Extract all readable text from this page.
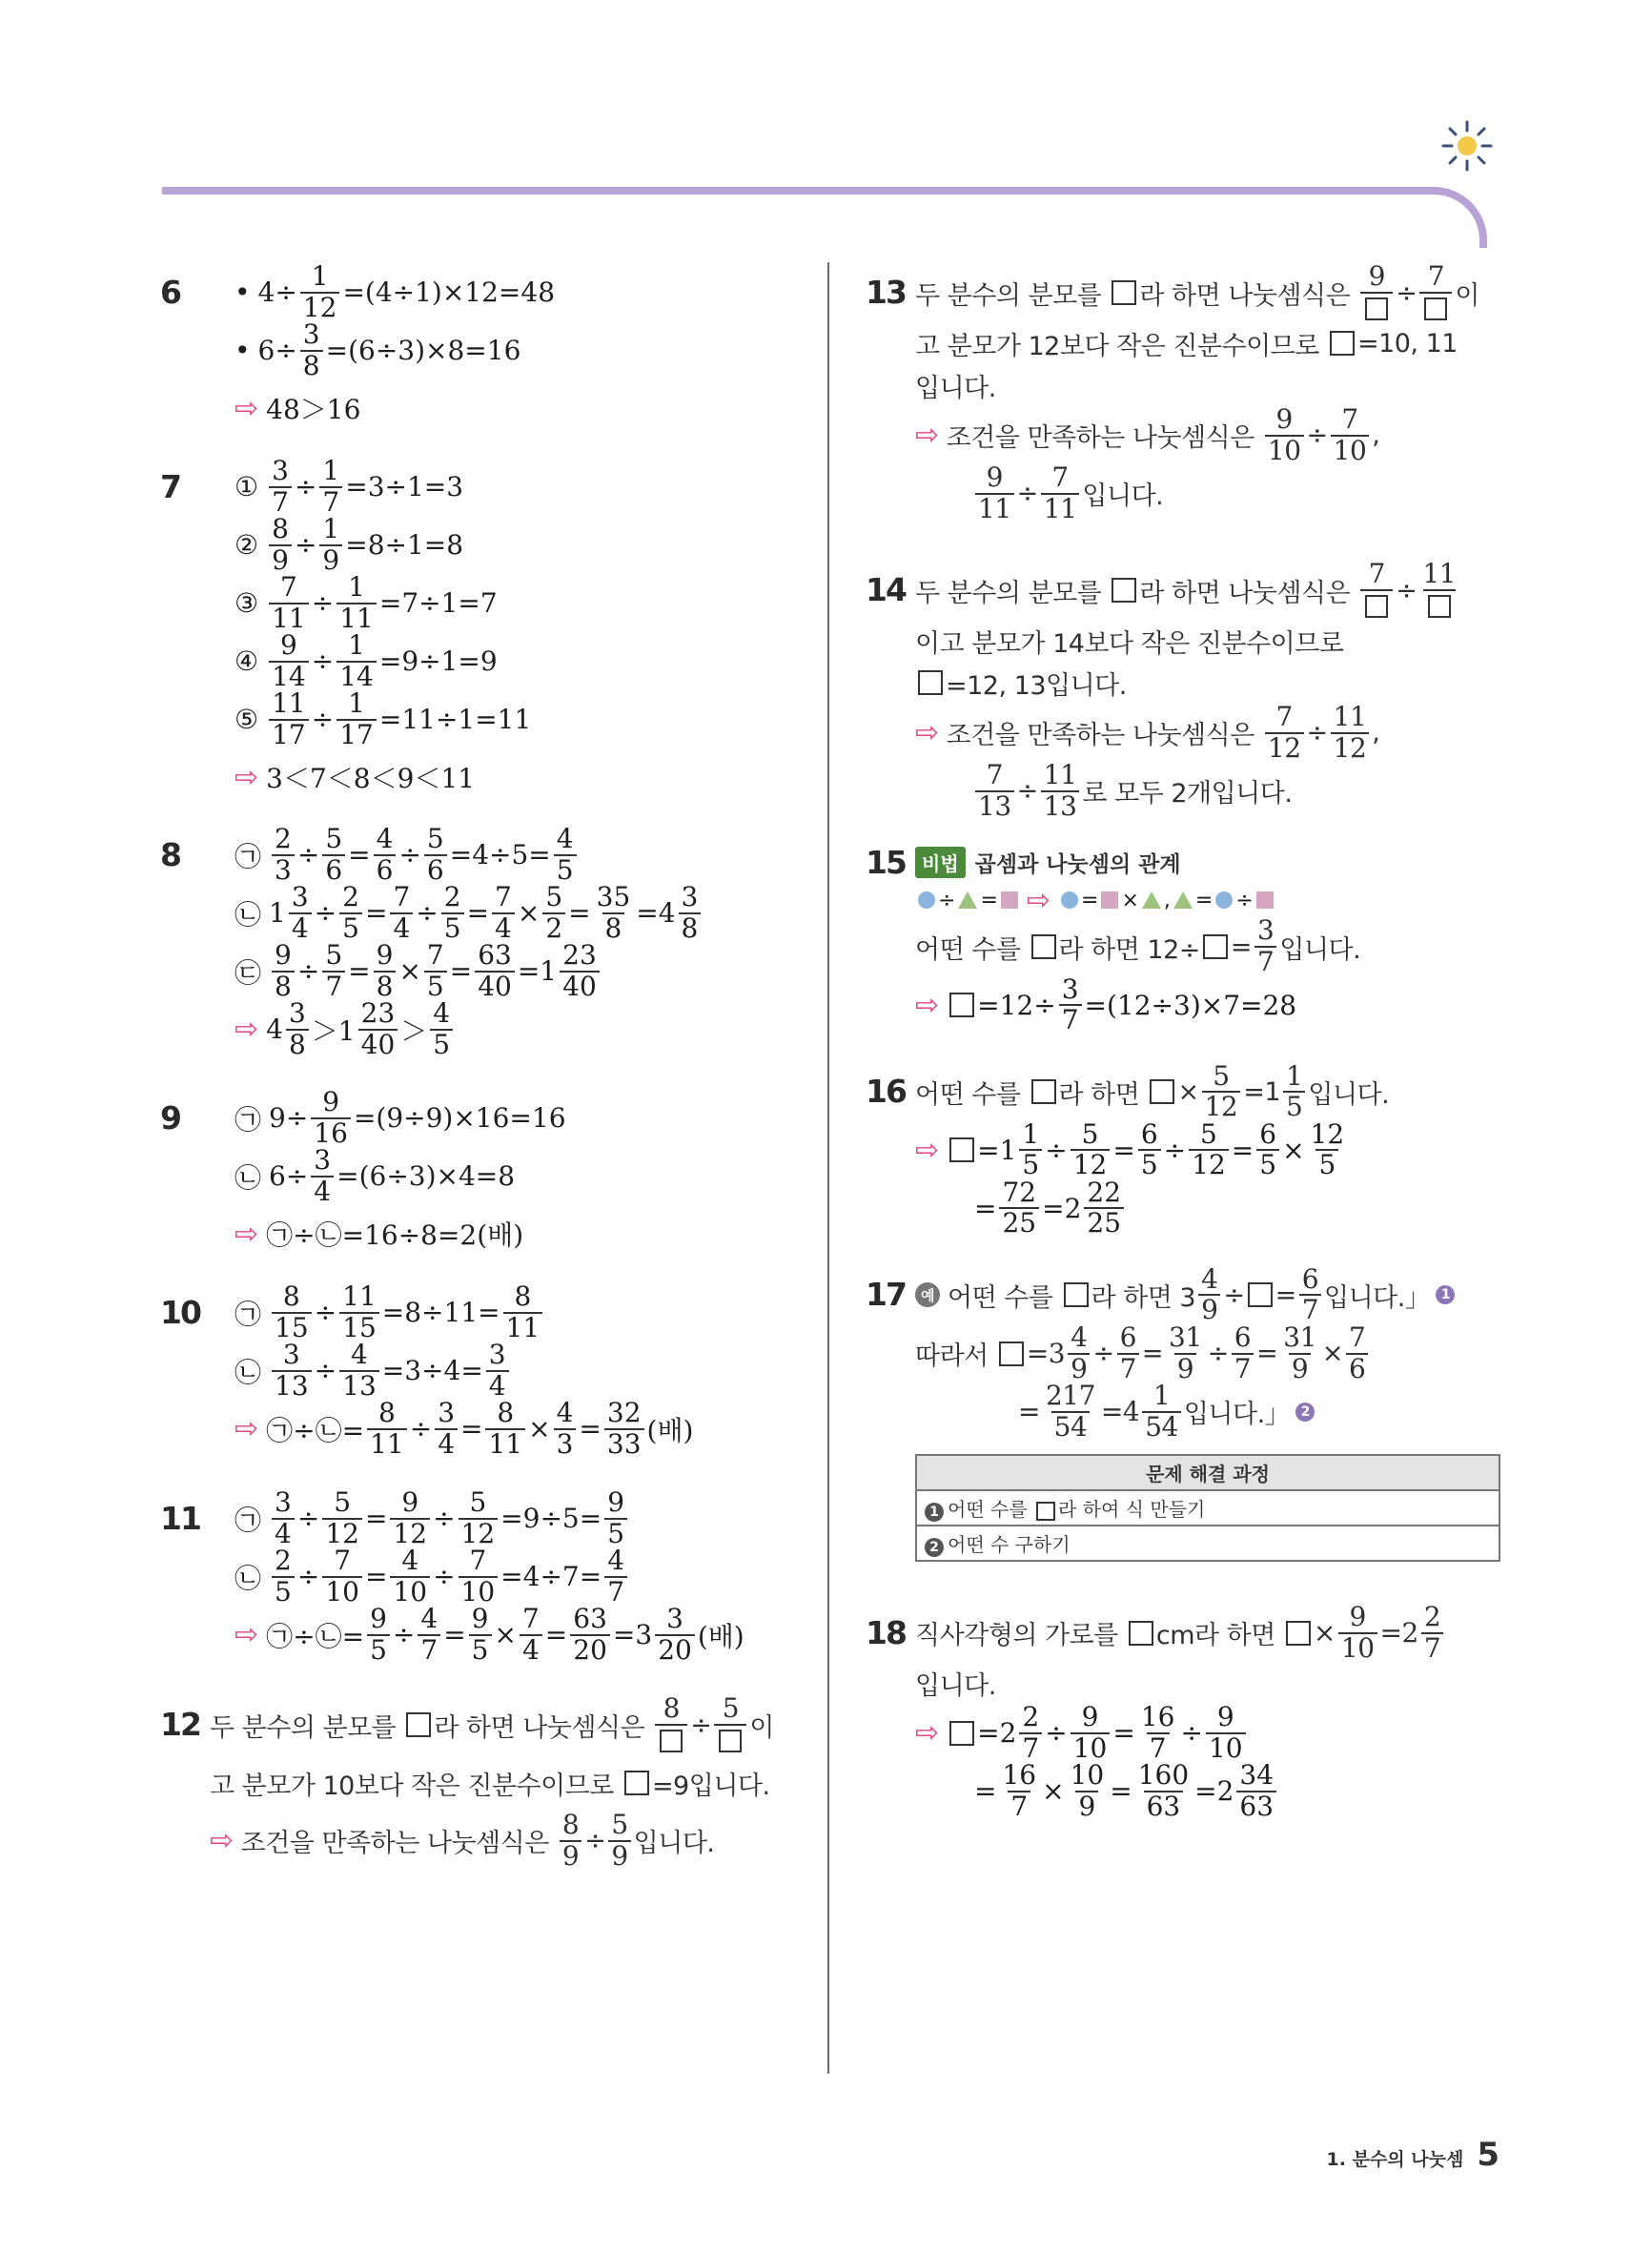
6	• $4\div \frac{1}{12} =(4\div 1)\times 12=48$
• $6\div \frac{3}{8} =(6\div 3)\times 8=16$
⇨ 48＞16
7	① $\frac{3}{7} \div \frac{1}{7} =3\div 1=3$
② $\frac{8}{9} \div \frac{1}{9} =8\div 1=8$
③ $\frac{7}{11} \div \frac{1}{11} =7\div 1=7$
④ $\frac{9}{14} \div \frac{1}{14} =9\div 1=9$
⑤ $\frac{11}{17} \div \frac{1}{17} =11\div 1=11$
⇨ 3＜7＜8＜9＜11
8	㉠ $\frac{2}{3} \div \frac{5}{6} = \frac{4}{6} \div \frac{5}{6} =4\div 5= \frac{4}{5}$
㉡ $1 \frac{3}{4} \div \frac{2}{5} = \frac{7}{4} \div \frac{2}{5} = \frac{7}{4} \times \frac{5}{2} = \frac{35}{8} =4 \frac{3}{8}$
㉢ $\frac{9}{8} \div \frac{5}{7} = \frac{9}{8} \times \frac{7}{5} = \frac{63}{40} =1 \frac{23}{40}$
⇨ $4 \frac{3}{8} >1 \frac{23}{40} > \frac{4}{5}$
9	㉠ $9\div \frac{9}{16} =(9\div 9)\times 16=16$
㉡ $6\div \frac{3}{4} =(6\div 3)\times 4=8$
⇨ ㉠÷㉡=16÷8=2(배)
10	㉠ $\frac{8}{15} \div \frac{11}{15} =8\div 11= \frac{8}{11}$
㉡ $\frac{3}{13} \div \frac{4}{13} =3\div 4= \frac{3}{4}$
⇨ ㉠÷㉡= $\frac{8}{11} \div \frac{3}{4} = \frac{8}{11} \times \frac{4}{3} = \frac{32}{33}$ (배)
11	㉠ $\frac{3}{4} \div \frac{5}{12} = \frac{9}{12} \div \frac{5}{12} =9\div 5= \frac{9}{5}$
㉡ $\frac{2}{5} \div \frac{7}{10} = \frac{4}{10} \div \frac{7}{10} =4\div 7= \frac{4}{7}$
⇨ ㉠÷㉡= $\frac{9}{5} \div \frac{4}{7} = \frac{9}{5} \times \frac{7}{4} = \frac{63}{20} =3 \frac{3}{20}$ (배)
12 두 분수의 분모를
라 하면 나눗셈식은

8
÷
5
이
고 분모가 10보다 작은 진분수이므로
=9입니다.
⇨ 조건을 만족하는 나눗셈식은
$\frac{8}{9} \div \frac{5}{9}$ 입니다.
13 두 분수의 분모를
라 하면 나눗셈식은

9
÷
7
이
고 분모가 12보다 작은 진분수이므로
=10, 11
입니다.
⇨ 조건을 만족하는 나눗셈식은
$\frac{9}{10} \div \frac{7}{10}$ ,
$\frac{9}{11} \div \frac{7}{11}$ 입니다.
14 두 분수의 분모를
라 하면 나눗셈식은

7
÷
11
이고 분모가 14보다 작은 진분수이므로
=12, 13입니다.
⇨ 조건을 만족하는 나눗셈식은
$\frac{7}{12} \div \frac{11}{12}$ ,
$\frac{7}{13} \div \frac{11}{13}$ 로 모두 2개입니다.
15 비법 곱셈과 나눗셈의 관계
÷ = ⇨ = × ,
= ÷
어떤 수를
라 하면 $12\div = \frac{3}{7}$ 입니다.
⇨ $=12\div \frac{3}{7} =(12\div 3)\times 7=28$
16 어떤 수를
라 하면
× $\frac{5}{12} =1 \frac{1}{5}$ 입니다.
⇨ $=1 \frac{1}{5} \div \frac{5}{12} = \frac{6}{5} \div \frac{5}{12} = \frac{6}{5} \times \frac{12}{5}$
= $\frac{72}{25} =2 \frac{22}{25}$
17	예 어떤 수를
라 하면 $3 \frac{4}{9}$ ÷ = $\frac{6}{7}$ 입니다.」 1
따라서
$=3 \frac{4}{9} \div \frac{6}{7} = \frac{31}{9} \div \frac{6}{7} = \frac{31}{9} \times \frac{7}{6}$
= $\frac{217}{54} =4 \frac{1}{54}$ 입니다.」 2
문제 해결 과정
1 어떤 수를 라 하여 식 만들기
2 어떤 수 구하기
18 직사각형의 가로를
cm라 하면
× $\frac{9}{10} =2 \frac{2}{7}$
입니다.
⇨ $=2 \frac{2}{7} \div \frac{9}{10} = \frac{16}{7} \div \frac{9}{10}$
= $\frac{16}{7} \times \frac{10}{9} = \frac{160}{63} =2 \frac{34}{63}$
1. 분수의 나눗셈 5
